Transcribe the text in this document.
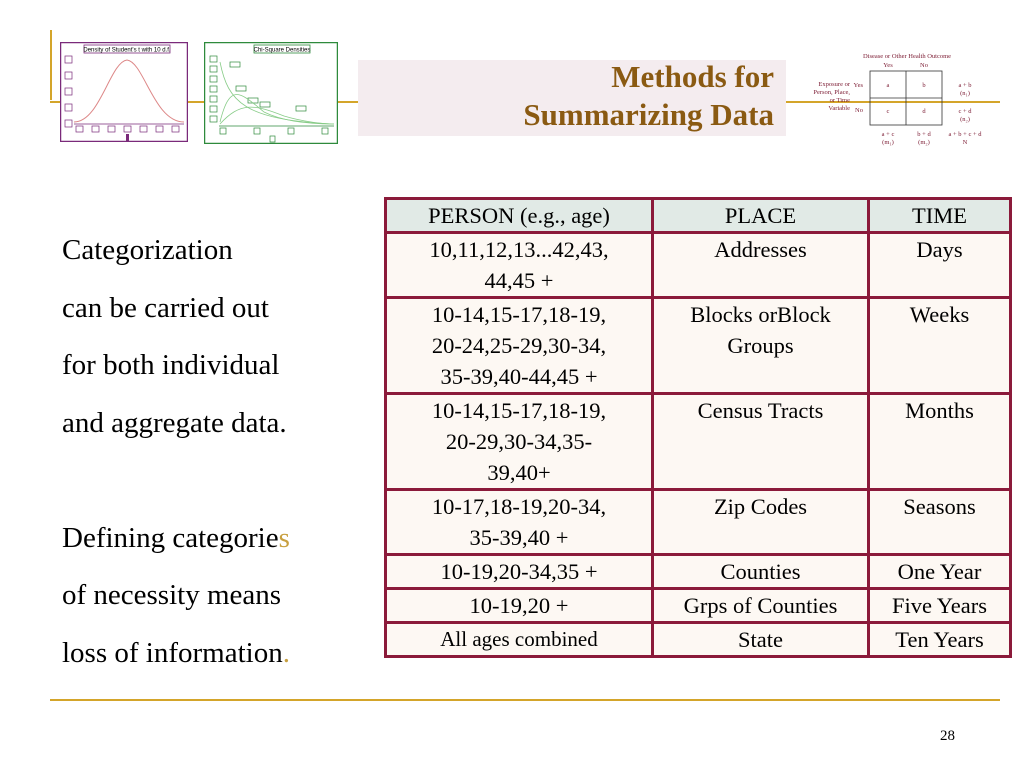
Density of Student's t with 10 d.f.	Chi-Square Densities
Methods for
Summarizing Data
Disease or Other Health Outcome
Yes	No
Exposure or
Person, Place,
or Time
Variable
Yes
No
a	b
c	d
a + b
(n₁)
c + d
(n₂)
a + c
(m₁)
b + d
(m₂)
a + b + c + d
N

Categorization

can be carried out

for both individual

and aggregate data.

Defining categories

of necessity means

loss of information.

PERSON (e.g., age)	PLACE	TIME
10,11,12,13...42,43,
44,45 +	Addresses	Days
10-14,15-17,18-19,
20-24,25-29,30-34,
35-39,40-44,45 +	Blocks orBlock
Groups	Weeks
10-14,15-17,18-19,
20-29,30-34,35-
39,40+	Census Tracts	Months
10-17,18-19,20-34,
35-39,40 +	Zip Codes	Seasons
10-19,20-34,35 +	Counties	One Year
10-19,20 +	Grps of Counties	Five Years
All ages combined	State	Ten Years
28
